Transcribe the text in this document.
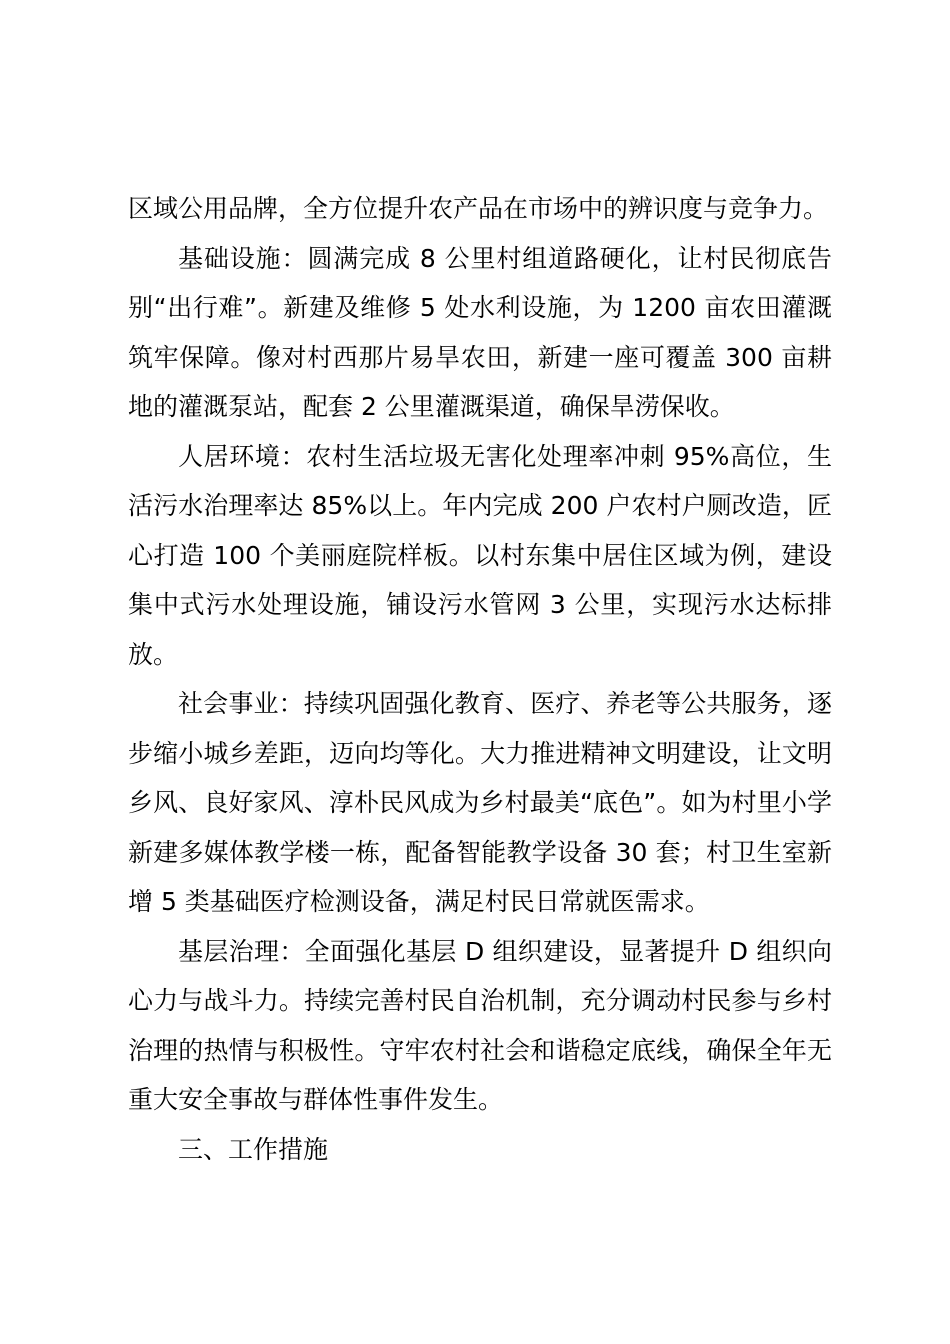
区域公用品牌，全方位提升农产品在市场中的辨识度与竞争力。

基础设施：圆满完成 8 公里村组道路硬化，让村民彻底告别“出行难”。新建及维修 5 处水利设施，为 1200 亩农田灌溉筑牢保障。像对村西那片易旱农田，新建一座可覆盖 300 亩耕地的灌溉泵站，配套 2 公里灌溉渠道，确保旱涝保收。

人居环境：农村生活垃圾无害化处理率冲刺 95%高位，生活污水治理率达 85%以上。年内完成 200 户农村户厕改造，匠心打造 100 个美丽庭院样板。以村东集中居住区域为例，建设集中式污水处理设施，铺设污水管网 3 公里，实现污水达标排放。

社会事业：持续巩固强化教育、医疗、养老等公共服务，逐步缩小城乡差距，迈向均等化。大力推进精神文明建设，让文明乡风、良好家风、淳朴民风成为乡村最美“底色”。如为村里小学新建多媒体教学楼一栋，配备智能教学设备 30 套；村卫生室新增 5 类基础医疗检测设备，满足村民日常就医需求。

基层治理：全面强化基层 D 组织建设，显著提升 D 组织向心力与战斗力。持续完善村民自治机制，充分调动村民参与乡村治理的热情与积极性。守牢农村社会和谐稳定底线，确保全年无重大安全事故与群体性事件发生。

三、工作措施
